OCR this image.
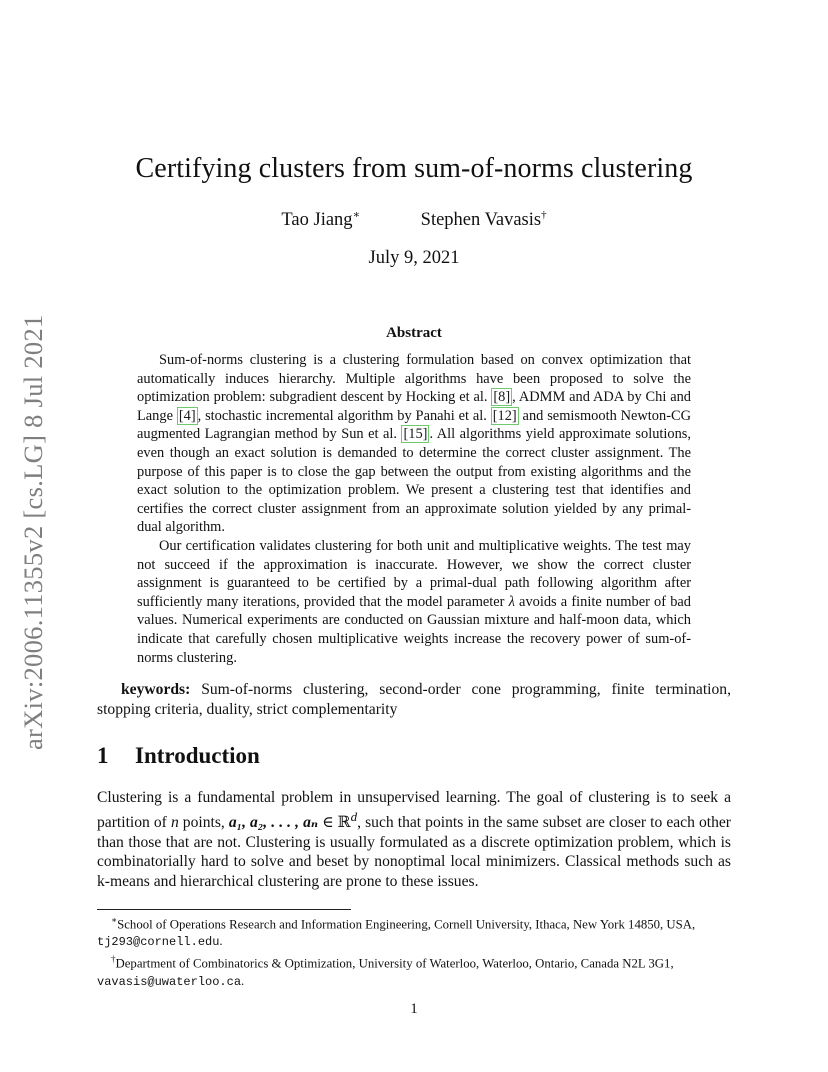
arXiv:2006.11355v2 [cs.LG] 8 Jul 2021
Certifying clusters from sum-of-norms clustering
Tao Jiang∗	Stephen Vavasis†
July 9, 2021
Abstract

Sum-of-norms clustering is a clustering formulation based on convex optimization that automatically induces hierarchy. Multiple algorithms have been proposed to solve the optimization problem: subgradient descent by Hocking et al. [8] , ADMM and ADA by Chi and Lange [4] , stochastic incremental algorithm by Panahi et al. [12] and semismooth Newton-CG augmented Lagrangian method by Sun et al. [15] . All algorithms yield approximate solutions, even though an exact solution is demanded to determine the correct cluster assignment. The purpose of this paper is to close the gap between the output from existing algorithms and the exact solution to the optimization problem. We present a clustering test that identifies and certifies the correct cluster assignment from an approximate solution yielded by any primal-dual algorithm.

Our certification validates clustering for both unit and multiplicative weights. The test may not succeed if the approximation is inaccurate. However, we show the correct cluster assignment is guaranteed to be certified by a primal-dual path following algorithm after sufficiently many iterations, provided that the model parameter λ avoids a finite number of bad values. Numerical experiments are conducted on Gaussian mixture and half-moon data, which indicate that carefully chosen multiplicative weights increase the recovery power of sum-of-norms clustering.

keywords: Sum-of-norms clustering, second-order cone programming, finite termination, stopping criteria, duality, strict complementarity
1 Introduction

Clustering is a fundamental problem in unsupervised learning. The goal of clustering is to seek a partition of n points, a₁, a₂, . . . , aₙ ∈ ℝ$^d$, such that points in the same subset are closer to each other than those that are not. Clustering is usually formulated as a discrete optimization problem, which is combinatorially hard to solve and beset by nonoptimal local minimizers. Classical methods such as k-means and hierarchical clustering are prone to these issues.

∗School of Operations Research and Information Engineering, Cornell University, Ithaca, New York 14850, USA, tj293@cornell.edu.

†Department of Combinatorics & Optimization, University of Waterloo, Waterloo, Ontario, Canada N2L 3G1, vavasis@uwaterloo.ca.

1
